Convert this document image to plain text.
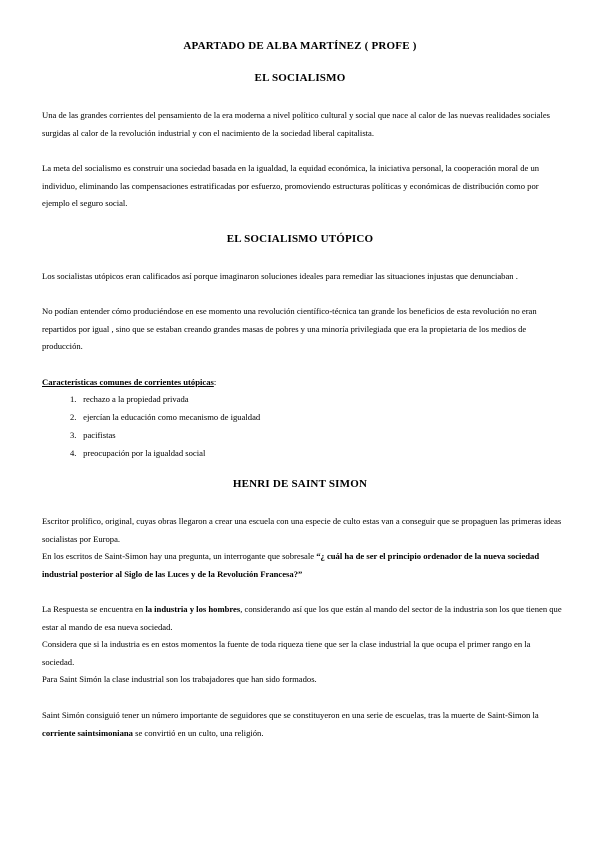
APARTADO DE ALBA MARTÍNEZ ( PROFE )
EL SOCIALISMO
Una de las grandes corrientes del pensamiento de la era moderna a nivel político cultural y social que nace al calor de las nuevas realidades sociales surgidas al calor de la revolución industrial y con el nacimiento de la sociedad liberal capitalista.
La meta del socialismo es construir una sociedad basada en la igualdad, la equidad económica, la iniciativa personal, la cooperación moral de un individuo, eliminando las compensaciones estratificadas por esfuerzo, promoviendo estructuras políticas y económicas de distribución como por ejemplo el seguro social.
EL SOCIALISMO UTÓPICO
Los socialistas utópicos eran calificados así porque imaginaron soluciones ideales para remediar las situaciones injustas que denunciaban .
No podían entender cómo produciéndose en ese momento una revolución científico-técnica tan grande los beneficios de esta revolución no eran repartidos por igual , sino que se estaban creando grandes masas de pobres y una minoría privilegiada que era la propietaria de los medios de producción.
Características comunes de corrientes utópicas:
1. rechazo a la propiedad privada
2. ejercían la educación como mecanismo de igualdad
3. pacifistas
4. preocupación por la igualdad social
HENRI DE SAINT SIMON
Escritor prolífico, original, cuyas obras llegaron a crear una escuela con una especie de culto estas van a conseguir que se propaguen las primeras ideas socialistas por Europa.
En los escritos de Saint-Simon hay una pregunta, un interrogante que sobresale “¿ cuál ha de ser el principio ordenador de la nueva sociedad industrial posterior al Siglo de las Luces y de la Revolución Francesa?”
La Respuesta se encuentra en la industria y los hombres, considerando así que los que están al mando del sector de la industria son los que tienen que estar al mando de esa nueva sociedad.
Considera que si la industria es en estos momentos la fuente de toda riqueza tiene que ser la clase industrial la que ocupa el primer rango en la sociedad.
Para Saint Simón la clase industrial son los trabajadores que han sido formados.
Saint Simón consiguió tener un número importante de seguidores que se constituyeron en una serie de escuelas, tras la muerte de Saint-Simon la corriente saintsimoniana se convirtió en un culto, una religión.
